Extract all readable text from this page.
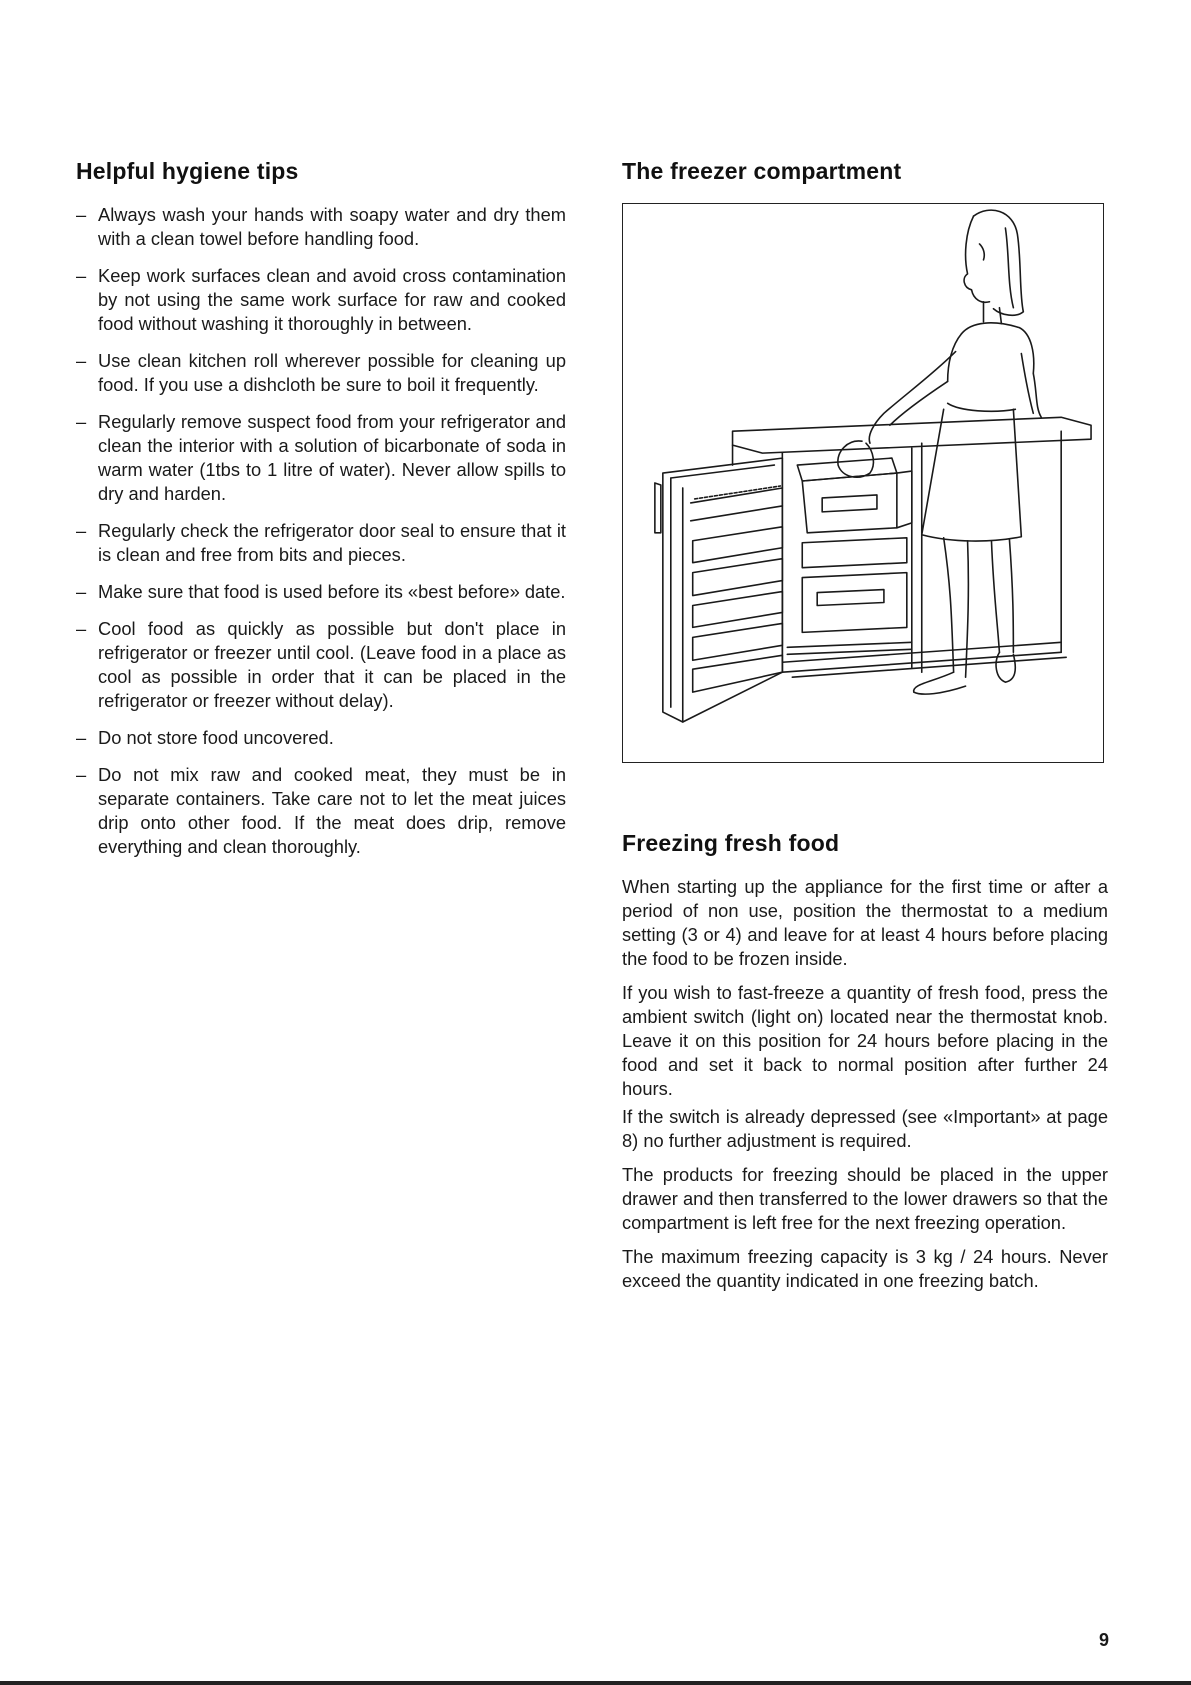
Helpful hygiene tips
– Always wash your hands with soapy water and dry them with a clean towel before handling food.
– Keep work surfaces clean and avoid cross contamination by not using the same work surface for raw and cooked food without washing it thoroughly in between.
– Use clean kitchen roll wherever possible for cleaning up food. If you use a dishcloth be sure to boil it frequently.
– Regularly remove suspect food from your refrigerator and clean the interior with a solution of bicarbonate of soda in warm water (1tbs to 1 litre of water). Never allow spills to dry and harden.
– Regularly check the refrigerator door seal to ensure that it is clean and free from bits and pieces.
– Make sure that food is used before its «best before» date.
– Cool food as quickly as possible but don't place in refrigerator or freezer until cool. (Leave food in a place as cool as possible in order that it can be placed in the refrigerator or freezer without delay).
– Do not store food uncovered.
– Do not mix raw and cooked meat, they must be in separate containers. Take care not to let the meat juices drip onto other food. If the meat does drip, remove everything and clean thoroughly.
The freezer compartment
Freezing fresh food

When starting up the appliance for the first time or after a period of non use, position the thermostat to a medium setting (3 or 4) and leave for at least 4 hours before placing the food to be frozen inside.

If you wish to fast-freeze a quantity of fresh food, press the ambient switch (light on) located near the thermostat knob. Leave it on this position for 24 hours before placing in the food and set it back to normal position after further 24 hours.

If the switch is already depressed (see «Important» at page 8) no further adjustment is required.

The products for freezing should be placed in the upper drawer and then transferred to the lower drawers so that the compartment is left free for the next freezing operation.

The maximum freezing capacity is 3 kg / 24 hours. Never exceed the quantity indicated in one freezing batch.

9
